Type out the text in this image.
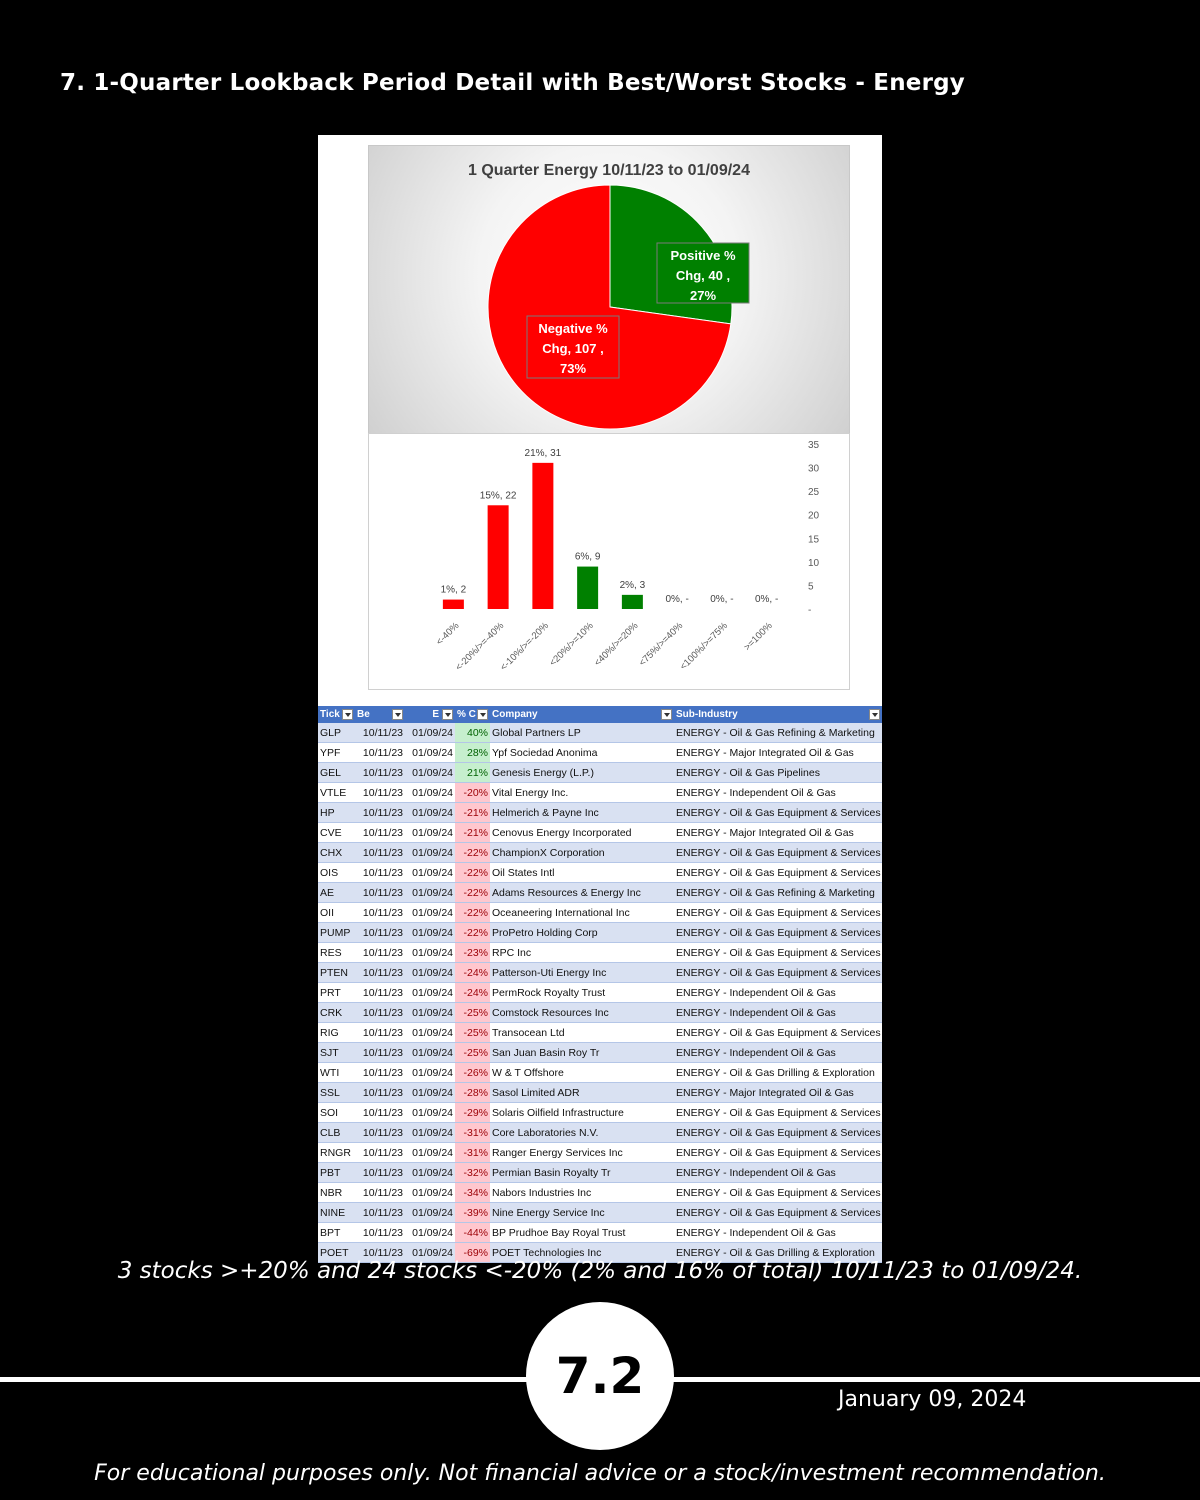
7. 1-Quarter Lookback Period Detail with Best/Worst Stocks - Energy
1 Quarter Energy 10/11/23 to 01/09/24
Positive % Chg, 40 , 27%
Negative % Chg, 107 , 73%
-
5
10
15
20
25
30
35
1%, 2
<-40%
15%, 22
<-20%/>=-40%
21%, 31
<-10%/>=-20%
6%, 9
<20%/>=10%
2%, 3
<40%/>=20%
0%, -
<75%/>=40%
0%, -
<100%/>=75%
0%, -
>=100%
Tick	Be	E	% C	Company	Sub-Industry

GLP	10/11/23	01/09/24	40%	Global Partners LP	ENERGY - Oil & Gas Refining & Marketing
YPF	10/11/23	01/09/24	28%	Ypf Sociedad Anonima	ENERGY - Major Integrated Oil & Gas
GEL	10/11/23	01/09/24	21%	Genesis Energy (L.P.)	ENERGY - Oil & Gas Pipelines
VTLE	10/11/23	01/09/24	-20%	Vital Energy Inc.	ENERGY - Independent Oil & Gas
HP	10/11/23	01/09/24	-21%	Helmerich & Payne Inc	ENERGY - Oil & Gas Equipment & Services
CVE	10/11/23	01/09/24	-21%	Cenovus Energy Incorporated	ENERGY - Major Integrated Oil & Gas
CHX	10/11/23	01/09/24	-22%	ChampionX Corporation	ENERGY - Oil & Gas Equipment & Services
OIS	10/11/23	01/09/24	-22%	Oil States Intl	ENERGY - Oil & Gas Equipment & Services
AE	10/11/23	01/09/24	-22%	Adams Resources & Energy Inc	ENERGY - Oil & Gas Refining & Marketing
OII	10/11/23	01/09/24	-22%	Oceaneering International Inc	ENERGY - Oil & Gas Equipment & Services
PUMP	10/11/23	01/09/24	-22%	ProPetro Holding Corp	ENERGY - Oil & Gas Equipment & Services
RES	10/11/23	01/09/24	-23%	RPC Inc	ENERGY - Oil & Gas Equipment & Services
PTEN	10/11/23	01/09/24	-24%	Patterson-Uti Energy Inc	ENERGY - Oil & Gas Equipment & Services
PRT	10/11/23	01/09/24	-24%	PermRock Royalty Trust	ENERGY - Independent Oil & Gas
CRK	10/11/23	01/09/24	-25%	Comstock Resources Inc	ENERGY - Independent Oil & Gas
RIG	10/11/23	01/09/24	-25%	Transocean Ltd	ENERGY - Oil & Gas Equipment & Services
SJT	10/11/23	01/09/24	-25%	San Juan Basin Roy Tr	ENERGY - Independent Oil & Gas
WTI	10/11/23	01/09/24	-26%	W & T Offshore	ENERGY - Oil & Gas Drilling & Exploration
SSL	10/11/23	01/09/24	-28%	Sasol Limited ADR	ENERGY - Major Integrated Oil & Gas
SOI	10/11/23	01/09/24	-29%	Solaris Oilfield Infrastructure	ENERGY - Oil & Gas Equipment & Services
CLB	10/11/23	01/09/24	-31%	Core Laboratories N.V.	ENERGY - Oil & Gas Equipment & Services
RNGR	10/11/23	01/09/24	-31%	Ranger Energy Services Inc	ENERGY - Oil & Gas Equipment & Services
PBT	10/11/23	01/09/24	-32%	Permian Basin Royalty Tr	ENERGY - Independent Oil & Gas
NBR	10/11/23	01/09/24	-34%	Nabors Industries Inc	ENERGY - Oil & Gas Equipment & Services
NINE	10/11/23	01/09/24	-39%	Nine Energy Service Inc	ENERGY - Oil & Gas Equipment & Services
BPT	10/11/23	01/09/24	-44%	BP Prudhoe Bay Royal Trust	ENERGY - Independent Oil & Gas
POET	10/11/23	01/09/24	-69%	POET Technologies Inc	ENERGY - Oil & Gas Drilling & Exploration
3 stocks >+20% and 24 stocks <-20% (2% and 16% of total) 10/11/23 to 01/09/24.
7.2	January 09, 2024
For educational purposes only. Not financial advice or a stock/investment recommendation.
